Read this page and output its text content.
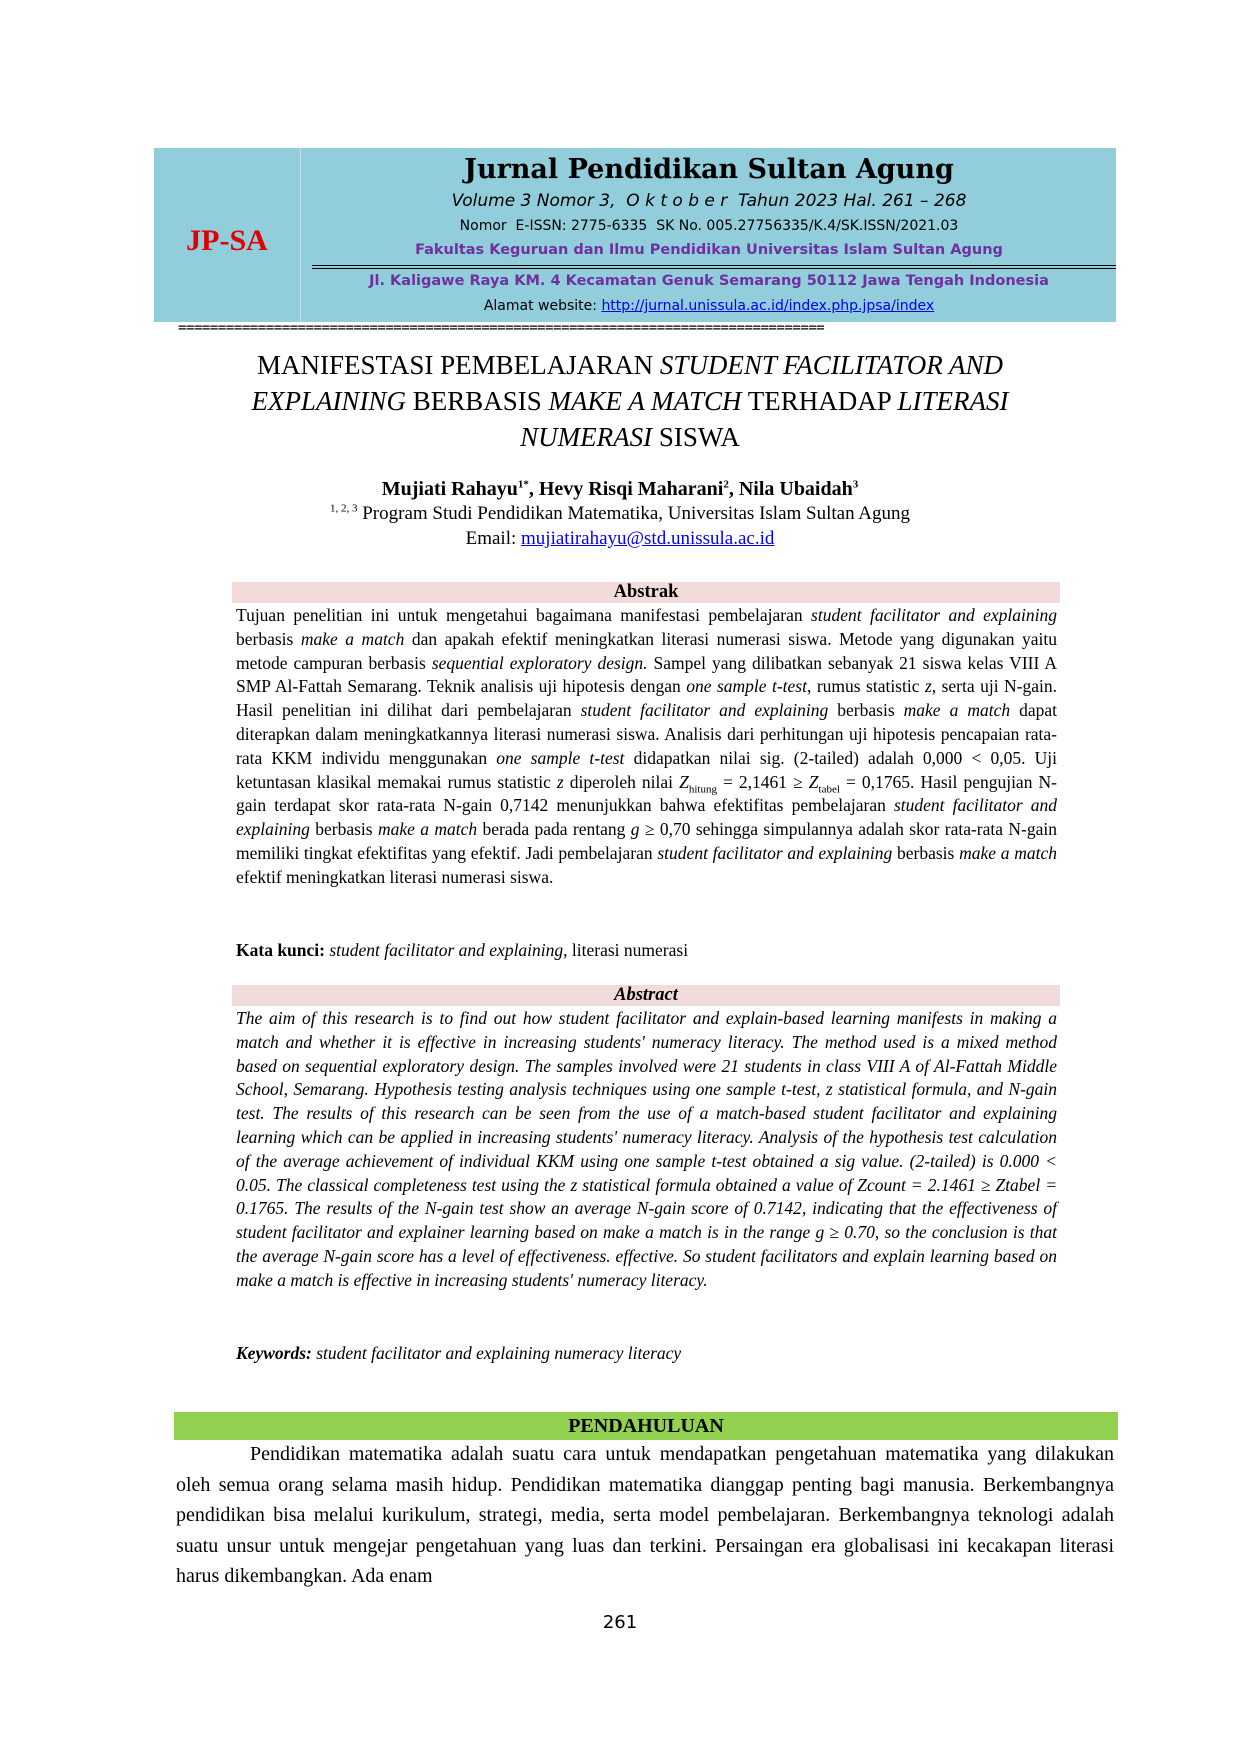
JP-SA
Jurnal Pendidikan Sultan Agung
Volume 3 Nomor 3,  O k t o b e r  Tahun 2023 Hal. 261 – 268
Nomor  E-ISSN: 2775-6335  SK No. 005.27756335/K.4/SK.ISSN/2021.03
Fakultas Keguruan dan Ilmu Pendidikan Universitas Islam Sultan Agung
Jl. Kaligawe Raya KM. 4 Kecamatan Genuk Semarang 50112 Jawa Tengah Indonesia
Alamat website: http://jurnal.unissula.ac.id/index.php.jpsa/index
=================================================================================
MANIFESTASI PEMBELAJARAN STUDENT FACILITATOR AND
EXPLAINING BERBASIS MAKE A MATCH TERHADAP LITERASI
NUMERASI SISWA
Mujiati Rahayu$^{1*}$, Hevy Risqi Maharani$^2$, Nila Ubaidah$^3$
$^{1, 2, 3}$ Program Studi Pendidikan Matematika, Universitas Islam Sultan Agung
Email: mujiatirahayu@std.unissula.ac.id
Abstrak
Tujuan penelitian ini untuk mengetahui bagaimana manifestasi pembelajaran student facilitator and explaining berbasis make a match dan apakah efektif meningkatkan literasi numerasi siswa. Metode yang digunakan yaitu metode campuran berbasis sequential exploratory design. Sampel yang dilibatkan sebanyak 21 siswa kelas VIII A SMP Al-Fattah Semarang. Teknik analisis uji hipotesis dengan one sample t-test, rumus statistic z, serta uji N-gain. Hasil penelitian ini dilihat dari pembelajaran student facilitator and explaining berbasis make a match dapat diterapkan dalam meningkatkannya literasi numerasi siswa. Analisis dari perhitungan uji hipotesis pencapaian rata-rata KKM individu menggunakan one sample t-test didapatkan nilai sig. (2-tailed) adalah 0,000 < 0,05. Uji ketuntasan klasikal memakai rumus statistic z diperoleh nilai $Z_{hitung} = 2,1461 \ge Z_{tabel} = 0,1765$. Hasil pengujian N-gain terdapat skor rata-rata N-gain 0,7142 menunjukkan bahwa efektifitas pembelajaran student facilitator and explaining berbasis make a match berada pada rentang g ≥ 0,70 sehingga simpulannya adalah skor rata-rata N-gain memiliki tingkat efektifitas yang efektif. Jadi pembelajaran student facilitator and explaining berbasis make a match efektif meningkatkan literasi numerasi siswa.
Kata kunci: student facilitator and explaining, literasi numerasi
Abstract
The aim of this research is to find out how student facilitator and explain-based learning manifests in making a match and whether it is effective in increasing students' numeracy literacy. The method used is a mixed method based on sequential exploratory design. The samples involved were 21 students in class VIII A of Al-Fattah Middle School, Semarang. Hypothesis testing analysis techniques using one sample t-test, z statistical formula, and N-gain test. The results of this research can be seen from the use of a match-based student facilitator and explaining learning which can be applied in increasing students' numeracy literacy. Analysis of the hypothesis test calculation of the average achievement of individual KKM using one sample t-test obtained a sig value. (2-tailed) is 0.000 < 0.05. The classical completeness test using the z statistical formula obtained a value of Zcount = 2.1461 ≥ Ztabel = 0.1765. The results of the N-gain test show an average N-gain score of 0.7142, indicating that the effectiveness of student facilitator and explainer learning based on make a match is in the range g ≥ 0.70, so the conclusion is that the average N-gain score has a level of effectiveness. effective. So student facilitators and explain learning based on make a match is effective in increasing students' numeracy literacy.
Keywords: student facilitator and explaining numeracy literacy
PENDAHULUAN
Pendidikan matematika adalah suatu cara untuk mendapatkan pengetahuan matematika yang dilakukan oleh semua orang selama masih hidup. Pendidikan matematika dianggap penting bagi manusia. Berkembangnya pendidikan bisa melalui kurikulum, strategi, media, serta model pembelajaran. Berkembangnya teknologi adalah suatu unsur untuk mengejar pengetahuan yang luas dan terkini. Persaingan era globalisasi ini kecakapan literasi harus dikembangkan. Ada enam
261
